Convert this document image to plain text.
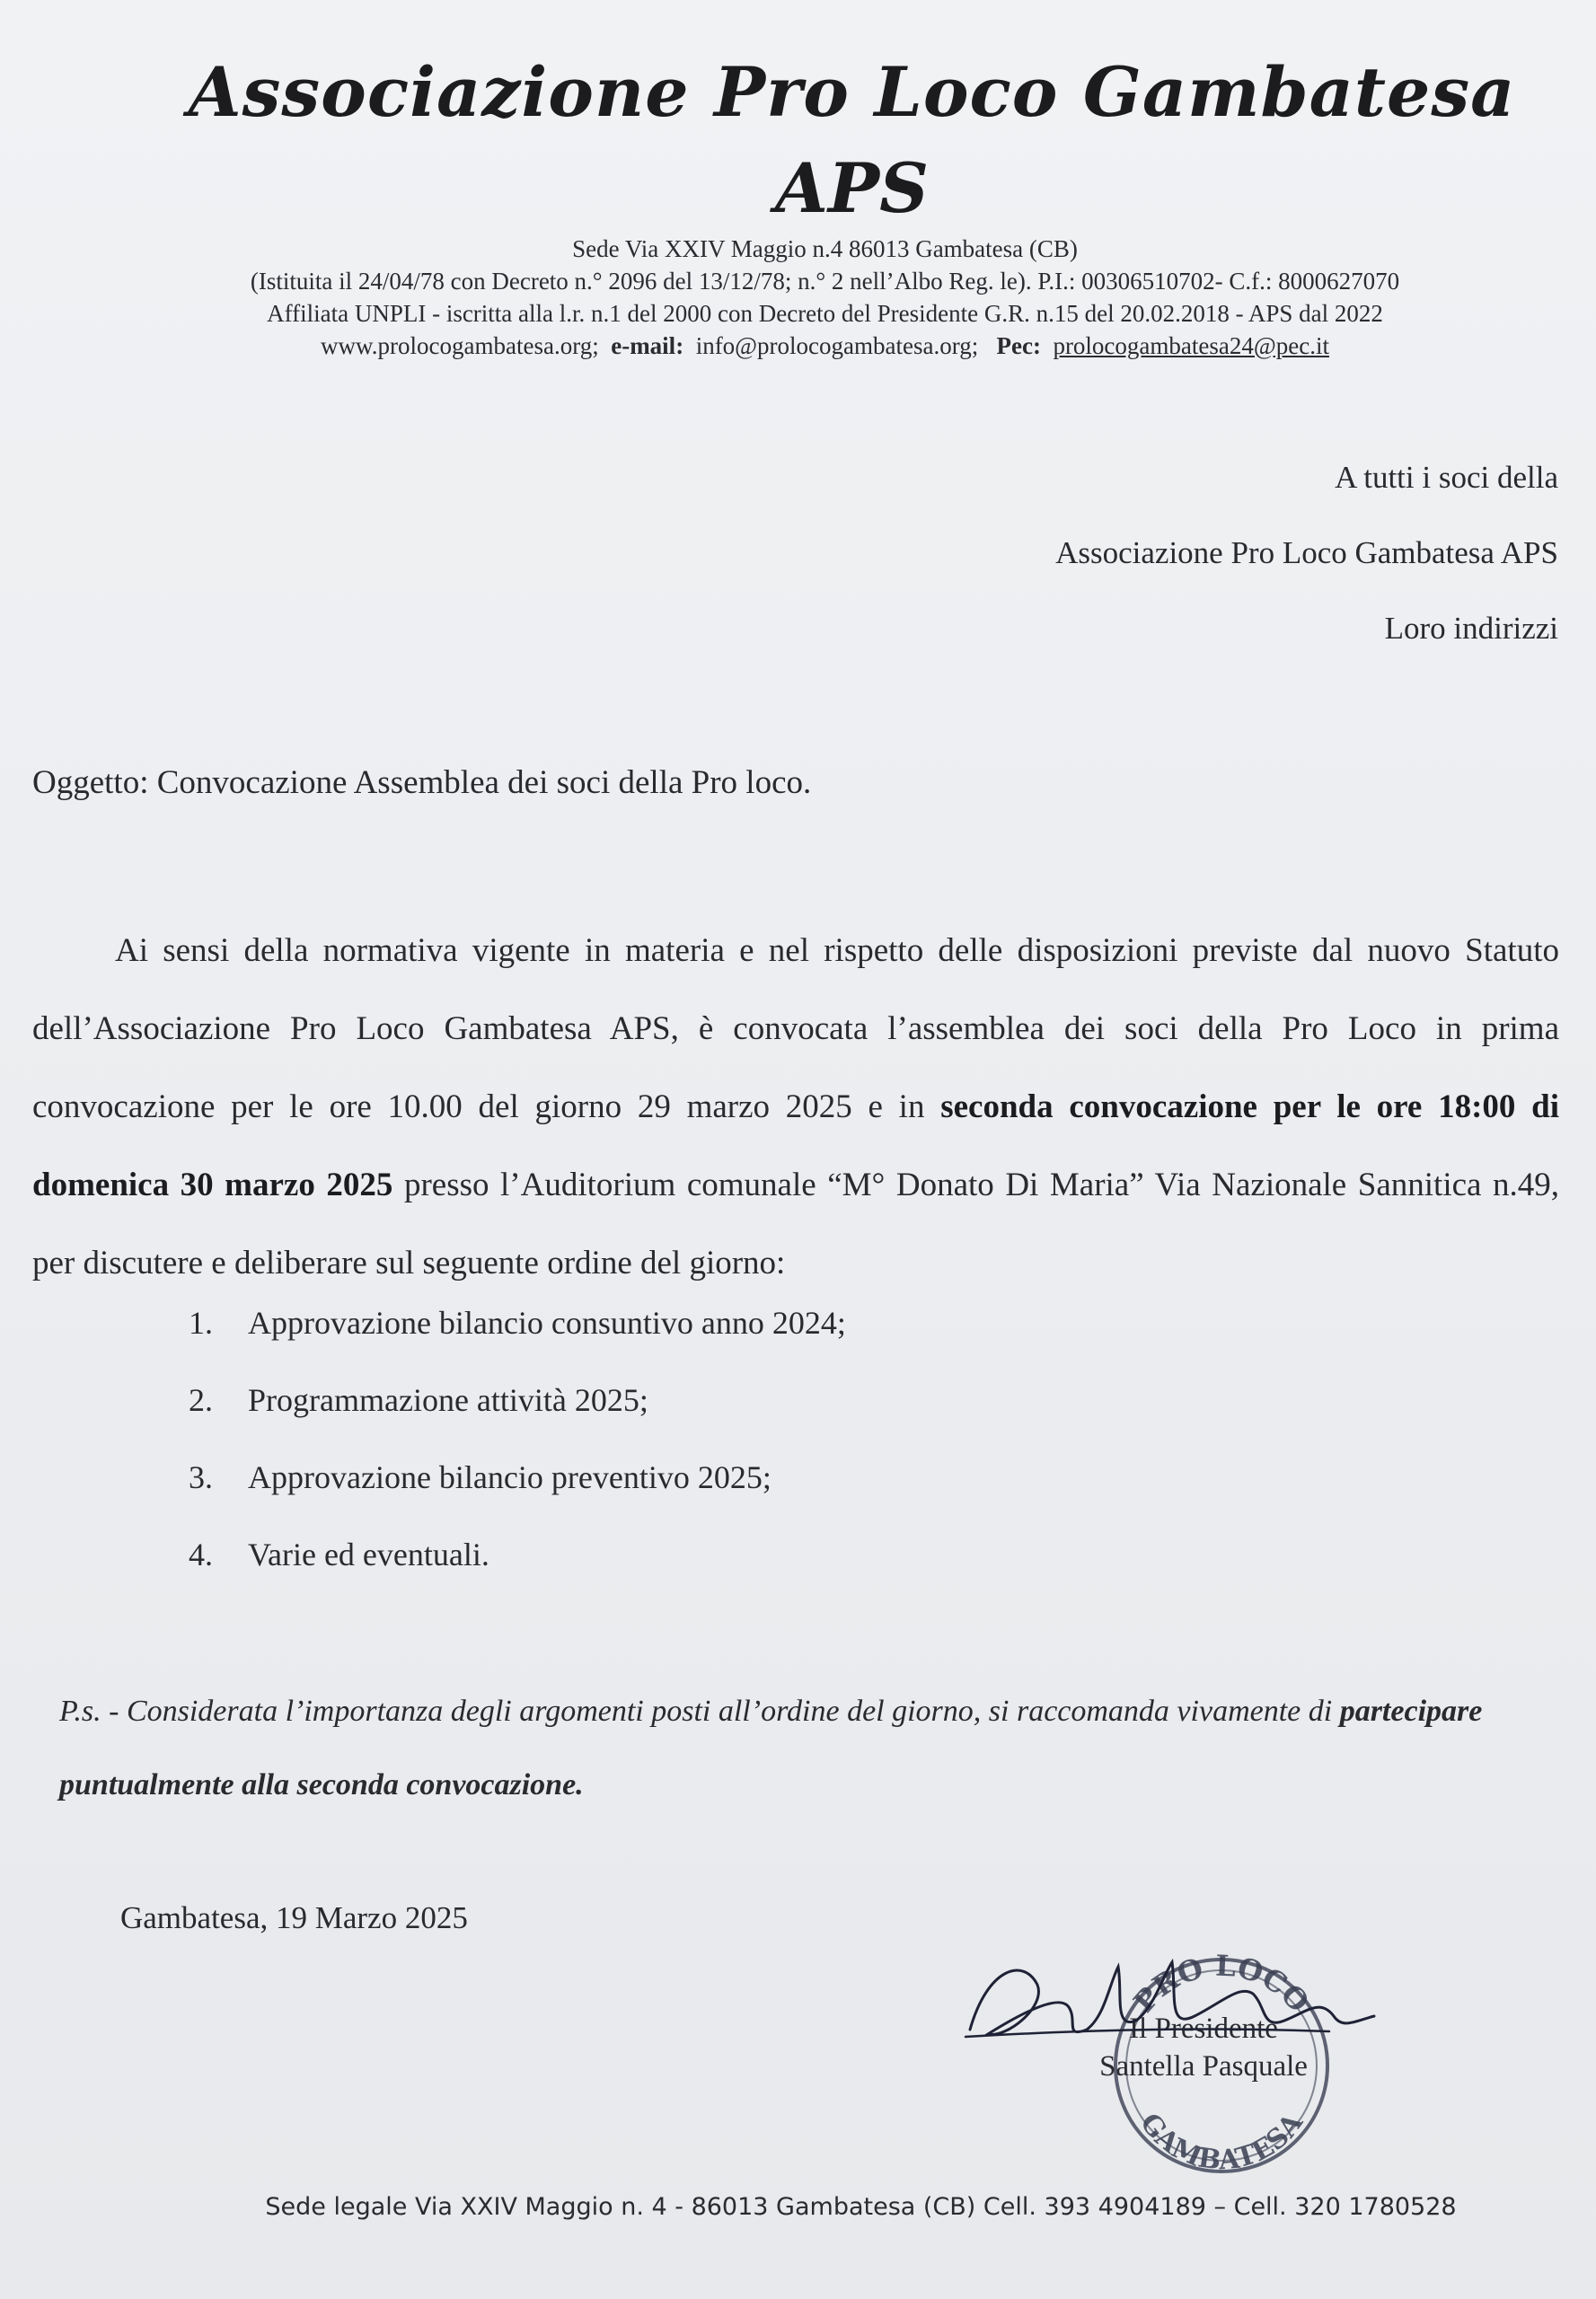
Associazione Pro Loco Gambatesa
APS
Sede Via XXIV Maggio n.4 86013 Gambatesa (CB)
(Istituita il 24/04/78 con Decreto n.° 2096 del 13/12/78; n.° 2 nell’Albo Reg. le). P.I.: 00306510702- C.f.: 8000627070
Affiliata UNPLI - iscritta alla l.r. n.1 del 2000 con Decreto del Presidente G.R. n.15 del 20.02.2018 - APS dal 2022
www.prolocogambatesa.org; e-mail: info@prolocogambatesa.org; Pec: prolocogambatesa24@pec.it
A tutti i soci della
Associazione Pro Loco Gambatesa APS
Loro indirizzi
Oggetto: Convocazione Assemblea dei soci della Pro loco.
Ai sensi della normativa vigente in materia e nel rispetto delle disposizioni previste dal nuovo Statuto dell’Associazione Pro Loco Gambatesa APS, è convocata l’assemblea dei soci della Pro Loco in prima convocazione per le ore 10.00 del giorno 29 marzo 2025 e in seconda convocazione per le ore 18:00 di domenica 30 marzo 2025 presso l’Auditorium comunale “M° Donato Di Maria” Via Nazionale Sannitica n.49, per discutere e deliberare sul seguente ordine del giorno:
1.	Approvazione bilancio consuntivo anno 2024;
2.	Programmazione attività 2025;
3.	Approvazione bilancio preventivo 2025;
4.	Varie ed eventuali.
P.s. - Considerata l’importanza degli argomenti posti all’ordine del giorno, si raccomanda vivamente di partecipare puntualmente alla seconda convocazione.
Gambatesa, 19 Marzo 2025
PRO LOCO
GAMBATESA
Il Presidente
Santella Pasquale
Sede legale Via XXIV Maggio n. 4 - 86013 Gambatesa (CB) Cell. 393 4904189 – Cell. 320 1780528
